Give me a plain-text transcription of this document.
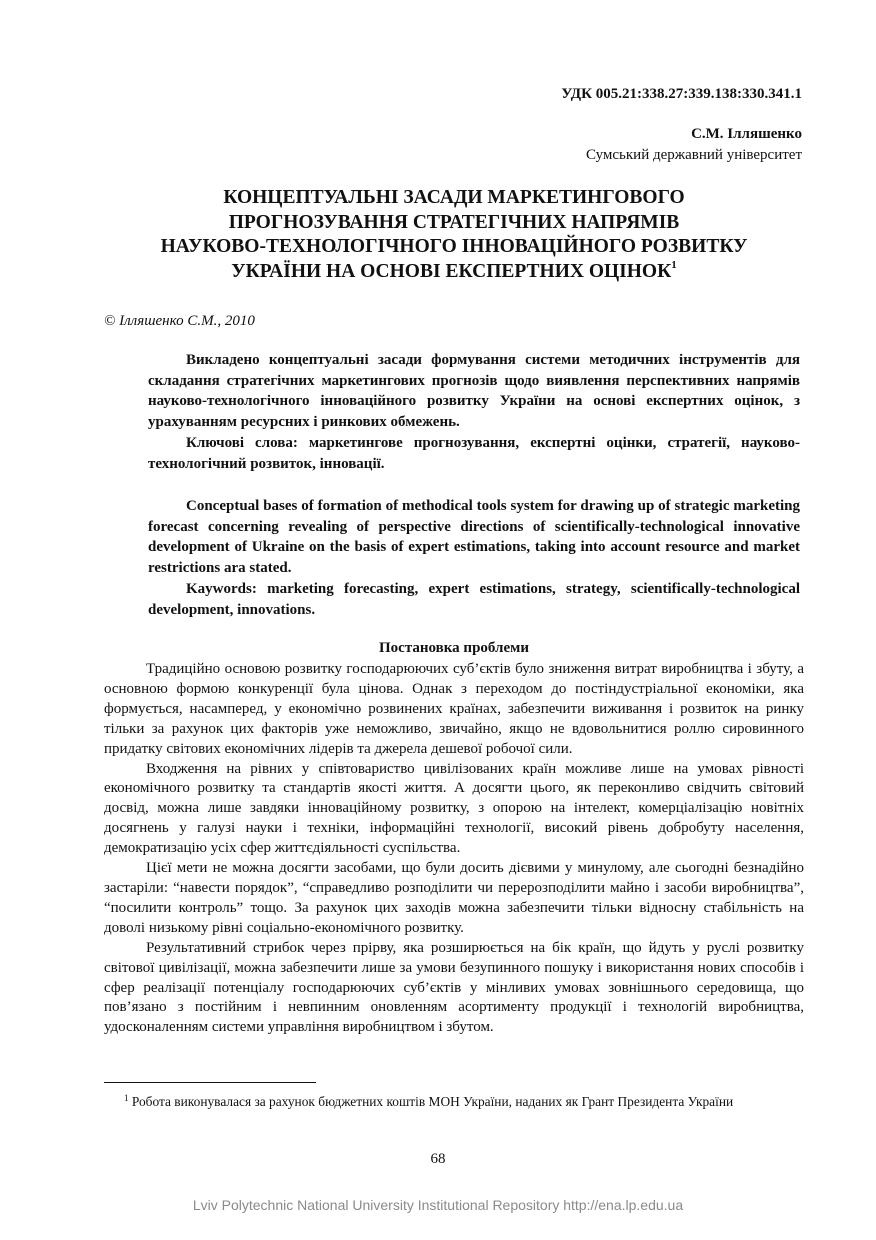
УДК 005.21:338.27:339.138:330.341.1
С.М. Ілляшенко
Сумський державний університет
КОНЦЕПТУАЛЬНІ ЗАСАДИ МАРКЕТИНГОВОГО
ПРОГНОЗУВАННЯ СТРАТЕГІЧНИХ НАПРЯМІВ
НАУКОВО-ТЕХНОЛОГІЧНОГО ІННОВАЦІЙНОГО РОЗВИТКУ
УКРАЇНИ НА ОСНОВІ ЕКСПЕРТНИХ ОЦІНОК$^1$
© Ілляшенко С.М., 2010

Викладено концептуальні засади формування системи методичних інструментів для складання стратегічних маркетингових прогнозів щодо виявлення перспективних напрямів науково-технологічного інноваційного розвитку України на основі експертних оцінок, з урахуванням ресурсних і ринкових обмежень.

Ключові слова: маркетингове прогнозування, експертні оцінки, стратегії, науково-технологічний розвиток, інновації.

Conceptual bases of formation of methodical tools system for drawing up of strategic marketing forecast concerning revealing of perspective directions of scientifically-technological innovative development of Ukraine on the basis of expert estimations, taking into account resource and market restrictions ara stated.

Kaywords: marketing forecasting, expert estimations, strategy, scientifically-technological development, innovations.

Постановка проблеми

Традиційно основою розвитку господарюючих суб’єктів було зниження витрат виробництва і збуту, а основною формою конкуренції була цінова. Однак з переходом до постіндустріальної економіки, яка формується, насамперед, у економічно розвинених країнах, забезпечити виживання і розвиток на ринку тільки за рахунок цих факторів уже неможливо, звичайно, якщо не вдовольнитися роллю сировинного придатку світових економічних лідерів та джерела дешевої робочої сили.

Входження на рівних у співтовариство цивілізованих країн можливе лише на умовах рівності економічного розвитку та стандартів якості життя. А досягти цього, як переконливо свідчить світовий досвід, можна лише завдяки інноваційному розвитку, з опорою на інтелект, комерціалізацію новітніх досягнень у галузі науки і техніки, інформаційні технології, високий рівень добробуту населення, демократизацію усіх сфер життєдіяльності суспільства.

Цієї мети не можна досягти засобами, що були досить дієвими у минулому, але сьогодні безнадійно застаріли: “навести порядок”, “справедливо розподілити чи перерозподілити майно і засоби виробництва”, “посилити контроль” тощо. За рахунок цих заходів можна забезпечити тільки відносну стабільність на доволі низькому рівні соціально-економічного розвитку.

Результативний стрибок через прірву, яка розширюється на бік країн, що йдуть у руслі розвитку світової цивілізації, можна забезпечити лише за умови безупинного пошуку і використання нових способів і сфер реалізації потенціалу господарюючих суб’єктів у мінливих умовах зовнішнього середовища, що пов’язано з постійним і невпинним оновленням асортименту продукції і технологій виробництва, удосконаленням системи управління виробництвом і збутом.

$^1$ Робота виконувалася за рахунок бюджетних коштів МОН України, наданих як Грант Президента України
68
Lviv Polytechnic National University Institutional Repository http://ena.lp.edu.ua
